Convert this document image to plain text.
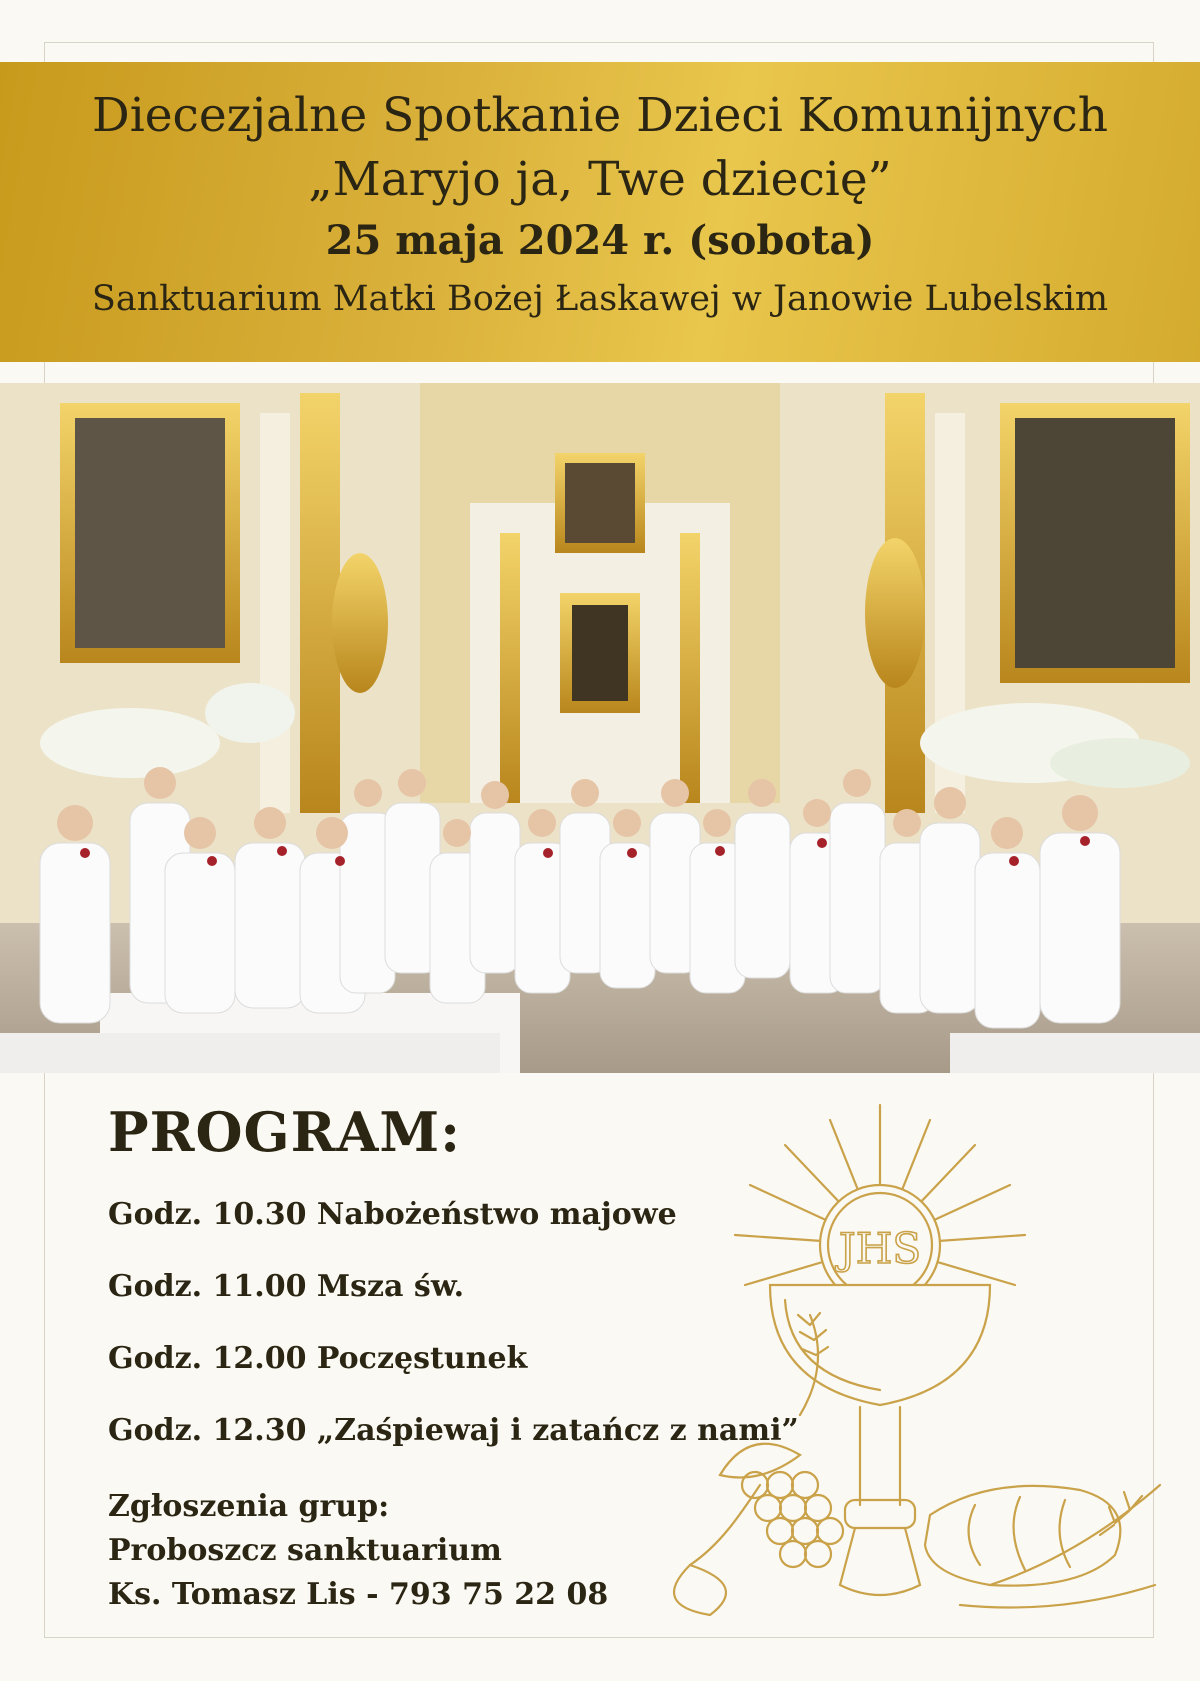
Diecezjalne Spotkanie Dzieci Komunijnych
„Maryjo ja, Twe dziecię”
25 maja 2024 r. (sobota)
Sanktuarium Matki Bożej Łaskawej w Janowie Lubelskim
PROGRAM:
Godz. 10.30 Nabożeństwo majowe
Godz. 11.00 Msza św.
Godz. 12.00 Poczęstunek
Godz. 12.30 „Zaśpiewaj i zatańcz z nami”
Zgłoszenia grup:
Proboszcz sanktuarium
Ks. Tomasz Lis - 793 75 22 08
JHS
